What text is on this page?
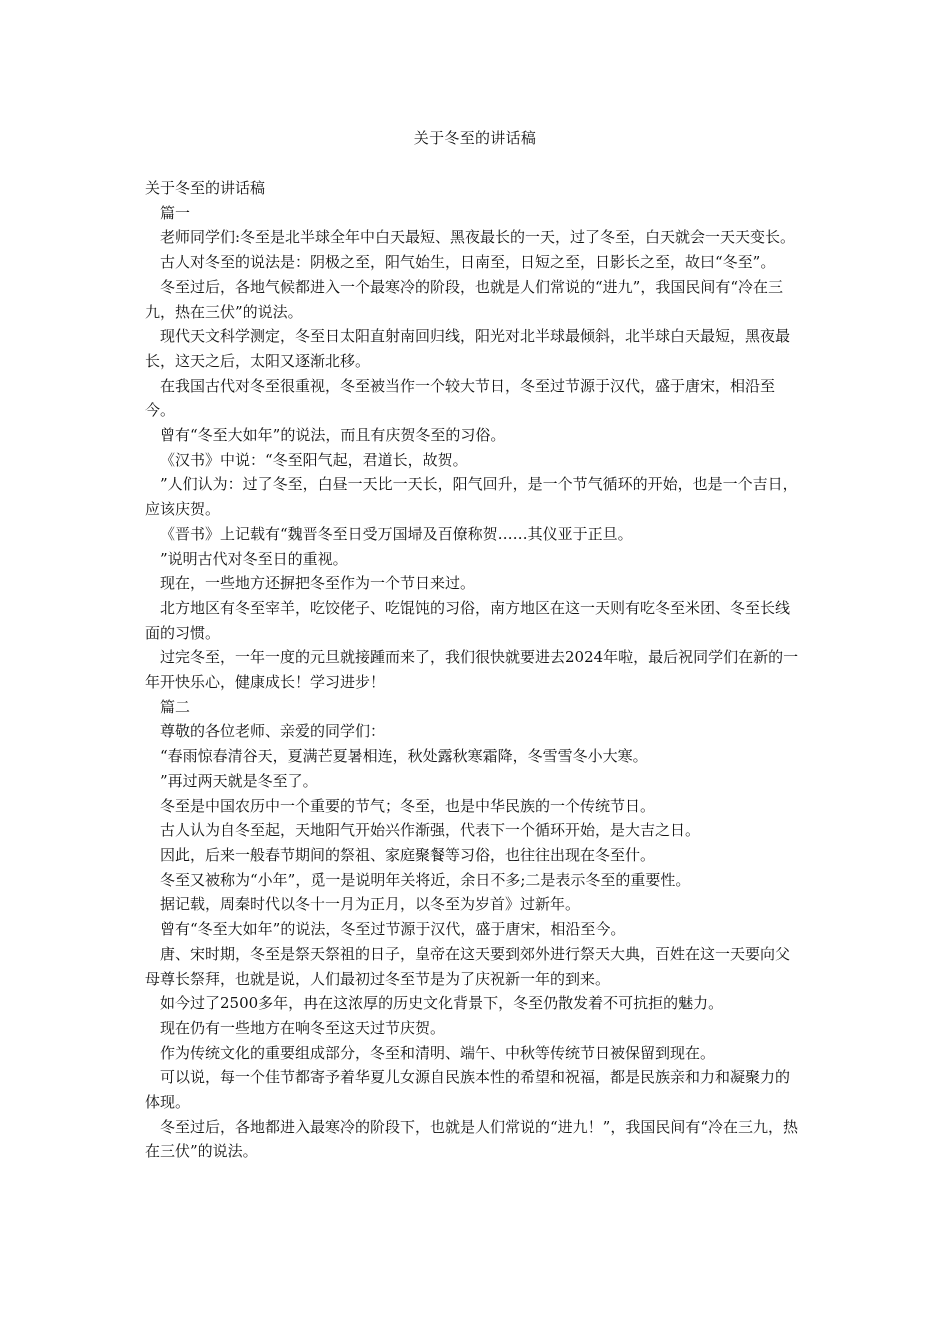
关于冬至的讲话稿

关于冬至的讲话稿

篇一

老师同学们:冬至是北半球全年中白天最短、黑夜最长的一天，过了冬至，白天就会一天天变长。

古人对冬至的说法是：阴极之至，阳气始生，日南至，日短之至，日影长之至，故曰“冬至”。

冬至过后，各地气候都进入一个最寒冷的阶段，也就是人们常说的“进九”，我国民间有“冷在三九，热在三伏”的说法。

现代天文科学测定，冬至日太阳直射南回归线，阳光对北半球最倾斜，北半球白天最短，黑夜最长，这天之后，太阳又逐渐北移。

在我国古代对冬至很重视，冬至被当作一个较大节日，冬至过节源于汉代，盛于唐宋，相沿至今。

曾有“冬至大如年”的说法，而且有庆贺冬至的习俗。

《汉书》中说：“冬至阳气起，君道长，故贺。

”人们认为：过了冬至，白昼一天比一天长，阳气回升，是一个节气循环的开始，也是一个吉日，应该庆贺。

《晋书》上记载有“魏晋冬至日受万国埽及百僚称贺……其仪亚于正旦。

”说明古代对冬至日的重视。

现在，一些地方还摒把冬至作为一个节日来过。

北方地区有冬至宰羊，吃饺佬子、吃馄饨的习俗，南方地区在这一天则有吃冬至米团、冬至长线面的习惯。

过完冬至，一年一度的元旦就接踵而来了，我们很快就要进去2024年啦，最后祝同学们在新的一年开快乐心，健康成长！学习进步！

篇二

尊敬的各位老师、亲爱的同学们：

“春雨惊春清谷天，夏满芒夏暑相连，秋处露秋寒霜降，冬雪雪冬小大寒。

”再过两天就是冬至了。

冬至是中国农历中一个重要的节气；冬至，也是中华民族的一个传统节日。

古人认为自冬至起，天地阳气开始兴作渐强，代表下一个循环开始，是大吉之日。

因此，后来一般春节期间的祭祖、家庭聚餐等习俗，也往往出现在冬至什。

冬至又被称为“小年”，觅一是说明年关将近，余日不多;二是表示冬至的重要性。

据记载，周秦时代以冬十一月为正月，以冬至为岁首》过新年。

曾有“冬至大如年”的说法，冬至过节源于汉代，盛于唐宋，相沿至今。

唐、宋时期，冬至是祭天祭祖的日子，皇帝在这天要到郊外进行祭天大典，百姓在这一天要向父母尊长祭拜，也就是说，人们最初过冬至节是为了庆祝新一年的到来。

如今过了2500多年，冉在这浓厚的历史文化背景下，冬至仍散发着不可抗拒的魅力。

现在仍有一些地方在响冬至这天过节庆贺。

作为传统文化的重要组成部分，冬至和清明、端午、中秋等传统节日被保留到现在。

可以说，每一个佳节都寄予着华夏儿女源自民族本性的希望和祝福，都是民族亲和力和凝聚力的体现。

冬至过后，各地都进入最寒冷的阶段下，也就是人们常说的“进九！”，我国民间有“冷在三九，热在三伏”的说法。
